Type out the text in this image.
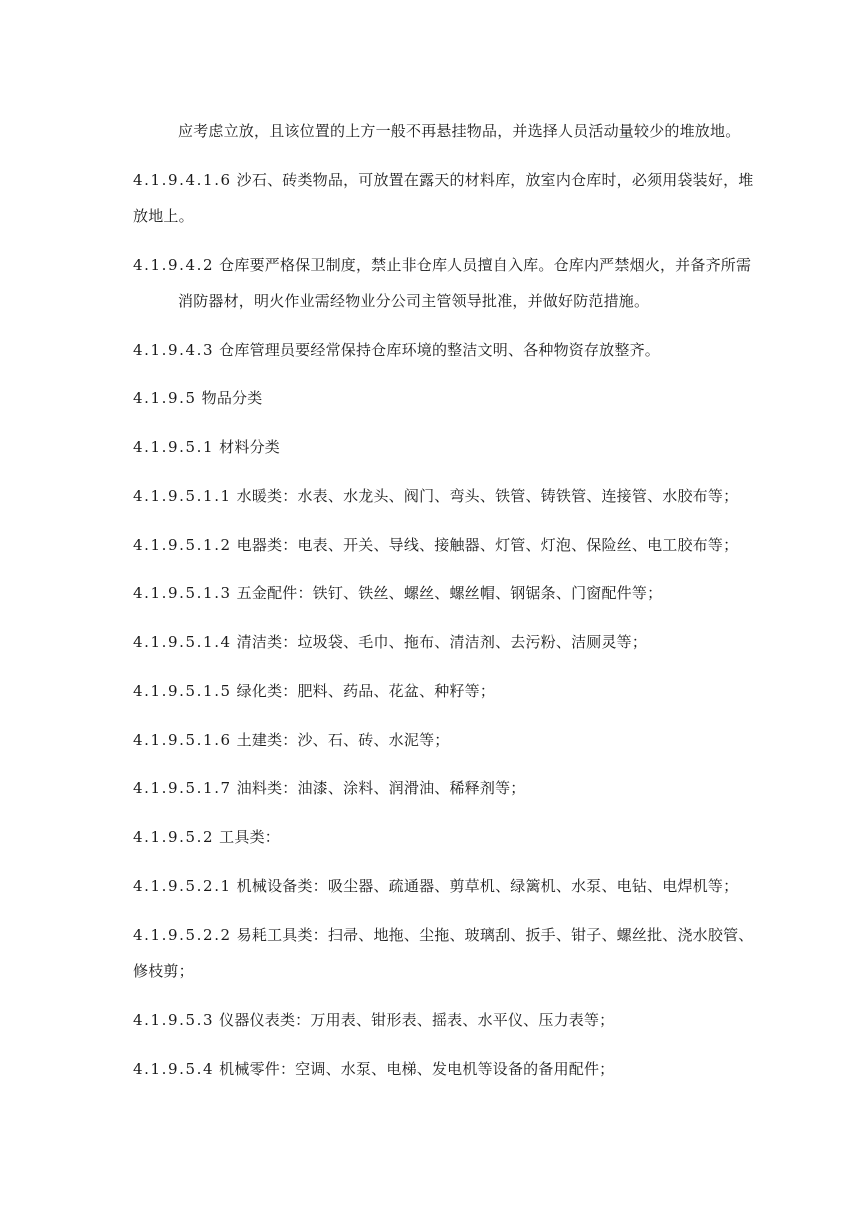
应考虑立放，且该位置的上方一般不再悬挂物品，并选择人员活动量较少的堆放地。
4.1.9.4.1.6 沙石、砖类物品，可放置在露天的材料库，放室内仓库时，必须用袋装好，堆
放地上。
4.1.9.4.2 仓库要严格保卫制度，禁止非仓库人员擅自入库。仓库内严禁烟火，并备齐所需
消防器材，明火作业需经物业分公司主管领导批准，并做好防范措施。
4.1.9.4.3 仓库管理员要经常保持仓库环境的整洁文明、各种物资存放整齐。
4.1.9.5 物品分类
4.1.9.5.1 材料分类
4.1.9.5.1.1 水暖类：水表、水龙头、阀门、弯头、铁管、铸铁管、连接管、水胶布等；
4.1.9.5.1.2 电器类：电表、开关、导线、接触器、灯管、灯泡、保险丝、电工胶布等；
4.1.9.5.1.3 五金配件：铁钉、铁丝、螺丝、螺丝帽、钢锯条、门窗配件等；
4.1.9.5.1.4 清洁类：垃圾袋、毛巾、拖布、清洁剂、去污粉、洁厕灵等；
4.1.9.5.1.5 绿化类：肥料、药品、花盆、种籽等；
4.1.9.5.1.6 土建类：沙、石、砖、水泥等；
4.1.9.5.1.7 油料类：油漆、涂料、润滑油、稀释剂等；
4.1.9.5.2 工具类：
4.1.9.5.2.1 机械设备类：吸尘器、疏通器、剪草机、绿篱机、水泵、电钻、电焊机等；
4.1.9.5.2.2 易耗工具类：扫帚、地拖、尘拖、玻璃刮、扳手、钳子、螺丝批、浇水胶管、
修枝剪；
4.1.9.5.3 仪器仪表类：万用表、钳形表、摇表、水平仪、压力表等；
4.1.9.5.4 机械零件：空调、水泵、电梯、发电机等设备的备用配件；
